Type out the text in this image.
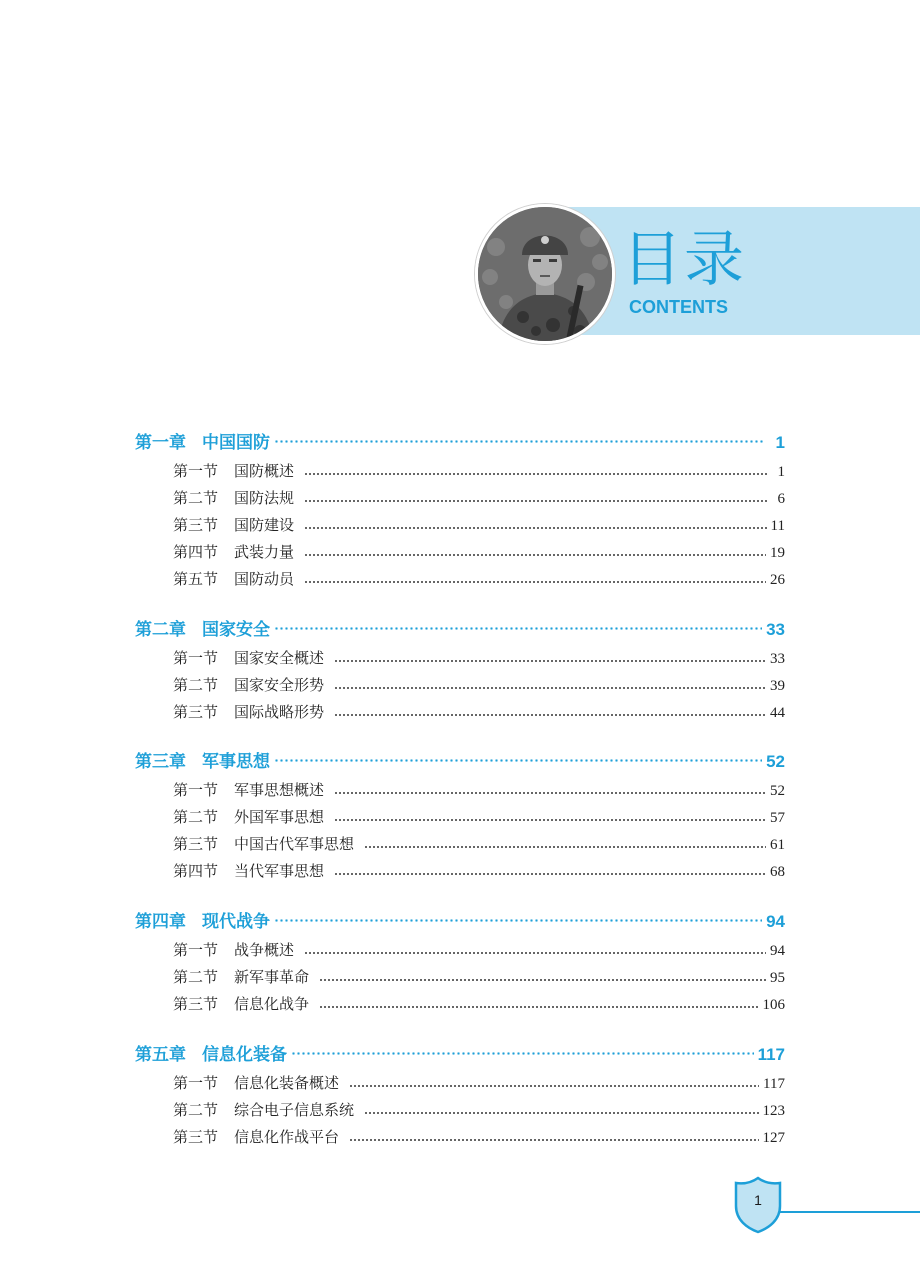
目录
CONTENTS
第一章 中国国防	1
第一节 国防概述	1
第二节 国防法规	6
第三节 国防建设	11
第四节 武装力量	19
第五节 国防动员	26
第二章 国家安全	33
第一节 国家安全概述	33
第二节 国家安全形势	39
第三节 国际战略形势	44
第三章 军事思想	52
第一节 军事思想概述	52
第二节 外国军事思想	57
第三节 中国古代军事思想	61
第四节 当代军事思想	68
第四章 现代战争	94
第一节 战争概述	94
第二节 新军事革命	95
第三节 信息化战争	106
第五章 信息化装备	117
第一节 信息化装备概述	117
第二节 综合电子信息系统	123
第三节 信息化作战平台	127
1
